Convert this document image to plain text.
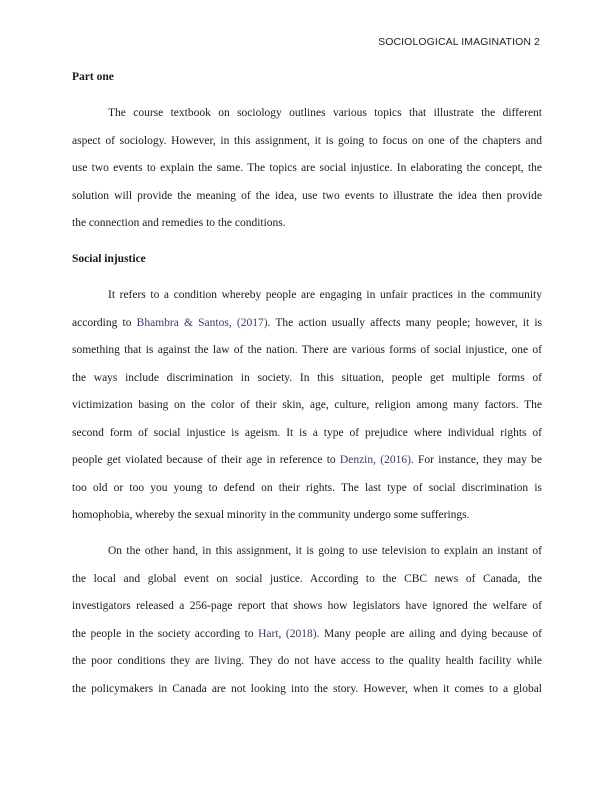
SOCIOLOGICAL IMAGINATION 2
Part one
The course textbook on sociology outlines various topics that illustrate the different
aspect of sociology. However, in this assignment, it is going to focus on one of the chapters and
use two events to explain the same. The topics are social injustice. In elaborating the concept, the
solution will provide the meaning of the idea, use two events to illustrate the idea then provide
the connection and remedies to the conditions.
Social injustice
It refers to a condition whereby people are engaging in unfair practices in the community
according to Bhambra & Santos, (2017). The action usually affects many people; however, it is
something that is against the law of the nation. There are various forms of social injustice, one of
the ways include discrimination in society. In this situation, people get multiple forms of
victimization basing on the color of their skin, age, culture, religion among many factors. The
second form of social injustice is ageism. It is a type of prejudice where individual rights of
people get violated because of their age in reference to Denzin, (2016). For instance, they may be
too old or too you young to defend on their rights. The last type of social discrimination is
homophobia, whereby the sexual minority in the community undergo some sufferings.
On the other hand, in this assignment, it is going to use television to explain an instant of
the local and global event on social justice. According to the CBC news of Canada, the
investigators released a 256-page report that shows how legislators have ignored the welfare of
the people in the society according to Hart, (2018). Many people are ailing and dying because of
the poor conditions they are living. They do not have access to the quality health facility while
the policymakers in Canada are not looking into the story. However, when it comes to a global
